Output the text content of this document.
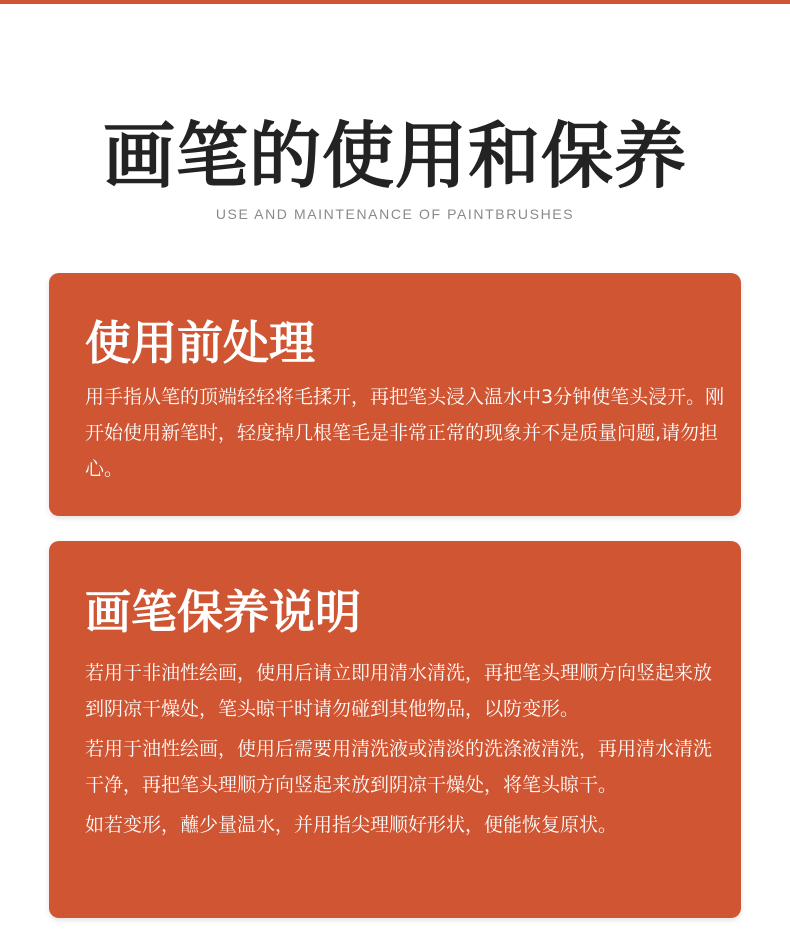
画笔的使用和保养
USE AND MAINTENANCE OF PAINTBRUSHES
使用前处理

用手指从笔的顶端轻轻将毛揉开，再把笔头浸入温水中3分钟使笔头浸开。刚开始使用新笔时，轻度掉几根笔毛是非常正常的现象并不是质量问题,请勿担心。

画笔保养说明

若用于非油性绘画，使用后请立即用清水清洗，再把笔头理顺方向竖起来放到阴凉干燥处，笔头晾干时请勿碰到其他物品，以防变形。

若用于油性绘画，使用后需要用清洗液或清淡的洗涤液清洗，再用清水清洗干净，再把笔头理顺方向竖起来放到阴凉干燥处，将笔头晾干。

如若变形，蘸少量温水，并用指尖理顺好形状，便能恢复原状。
